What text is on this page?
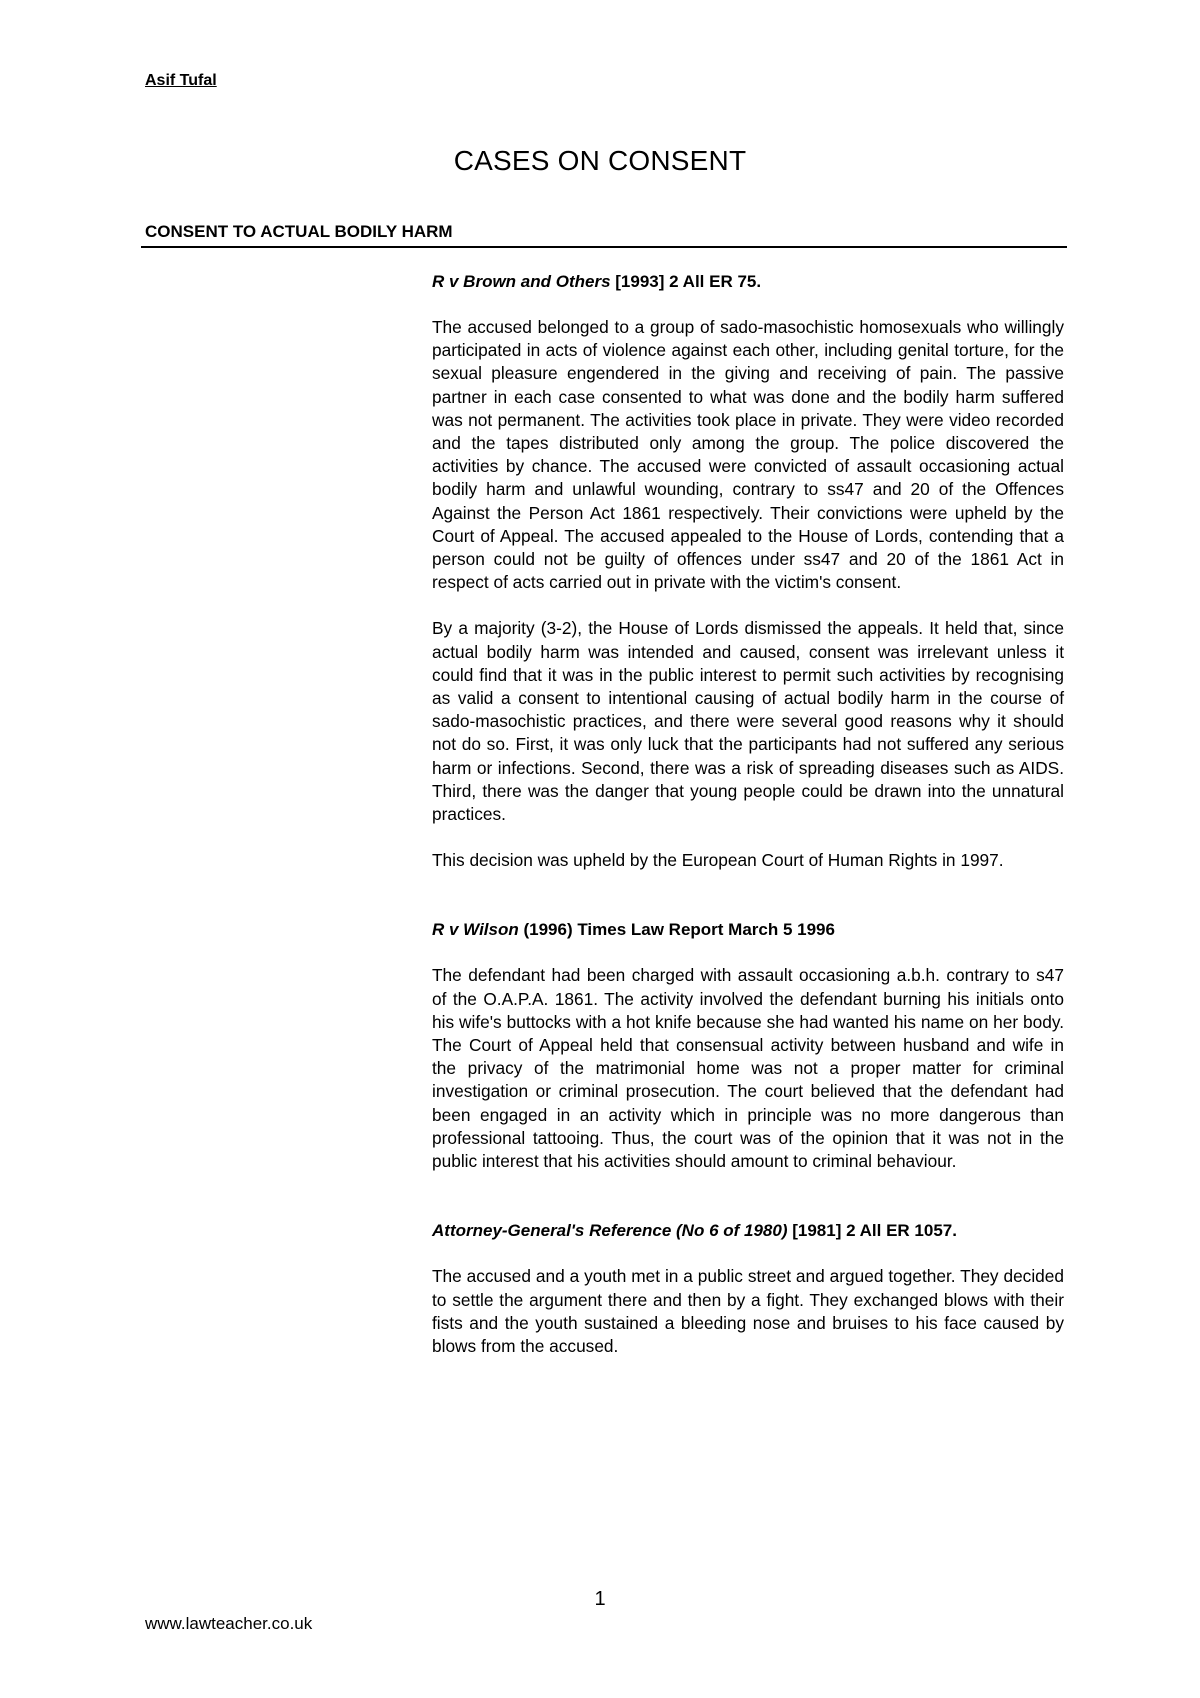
Asif Tufal
CASES ON CONSENT
CONSENT TO ACTUAL BODILY HARM

R v Brown and Others [1993] 2 All ER 75.

The accused belonged to a group of sado-masochistic homosexuals who willingly participated in acts of violence against each other, including genital torture, for the sexual pleasure engendered in the giving and receiving of pain. The passive partner in each case consented to what was done and the bodily harm suffered was not permanent. The activities took place in private. They were video recorded and the tapes distributed only among the group. The police discovered the activities by chance. The accused were convicted of assault occasioning actual bodily harm and unlawful wounding, contrary to ss47 and 20 of the Offences Against the Person Act 1861 respectively. Their convictions were upheld by the Court of Appeal. The accused appealed to the House of Lords, contending that a person could not be guilty of offences under ss47 and 20 of the 1861 Act in respect of acts carried out in private with the victim's consent.

By a majority (3-2), the House of Lords dismissed the appeals. It held that, since actual bodily harm was intended and caused, consent was irrelevant unless it could find that it was in the public interest to permit such activities by recognising as valid a consent to intentional causing of actual bodily harm in the course of sado-masochistic practices, and there were several good reasons why it should not do so. First, it was only luck that the participants had not suffered any serious harm or infections. Second, there was a risk of spreading diseases such as AIDS. Third, there was the danger that young people could be drawn into the unnatural practices.

This decision was upheld by the European Court of Human Rights in 1997.

R v Wilson (1996) Times Law Report March 5 1996

The defendant had been charged with assault occasioning a.b.h. contrary to s47 of the O.A.P.A. 1861. The activity involved the defendant burning his initials onto his wife's buttocks with a hot knife because she had wanted his name on her body. The Court of Appeal held that consensual activity between husband and wife in the privacy of the matrimonial home was not a proper matter for criminal investigation or criminal prosecution. The court believed that the defendant had been engaged in an activity which in principle was no more dangerous than professional tattooing. Thus, the court was of the opinion that it was not in the public interest that his activities should amount to criminal behaviour.

Attorney-General's Reference (No 6 of 1980) [1981] 2 All ER 1057.

The accused and a youth met in a public street and argued together. They decided to settle the argument there and then by a fight. They exchanged blows with their fists and the youth sustained a bleeding nose and bruises to his face caused by blows from the accused.

1
www.lawteacher.co.uk
